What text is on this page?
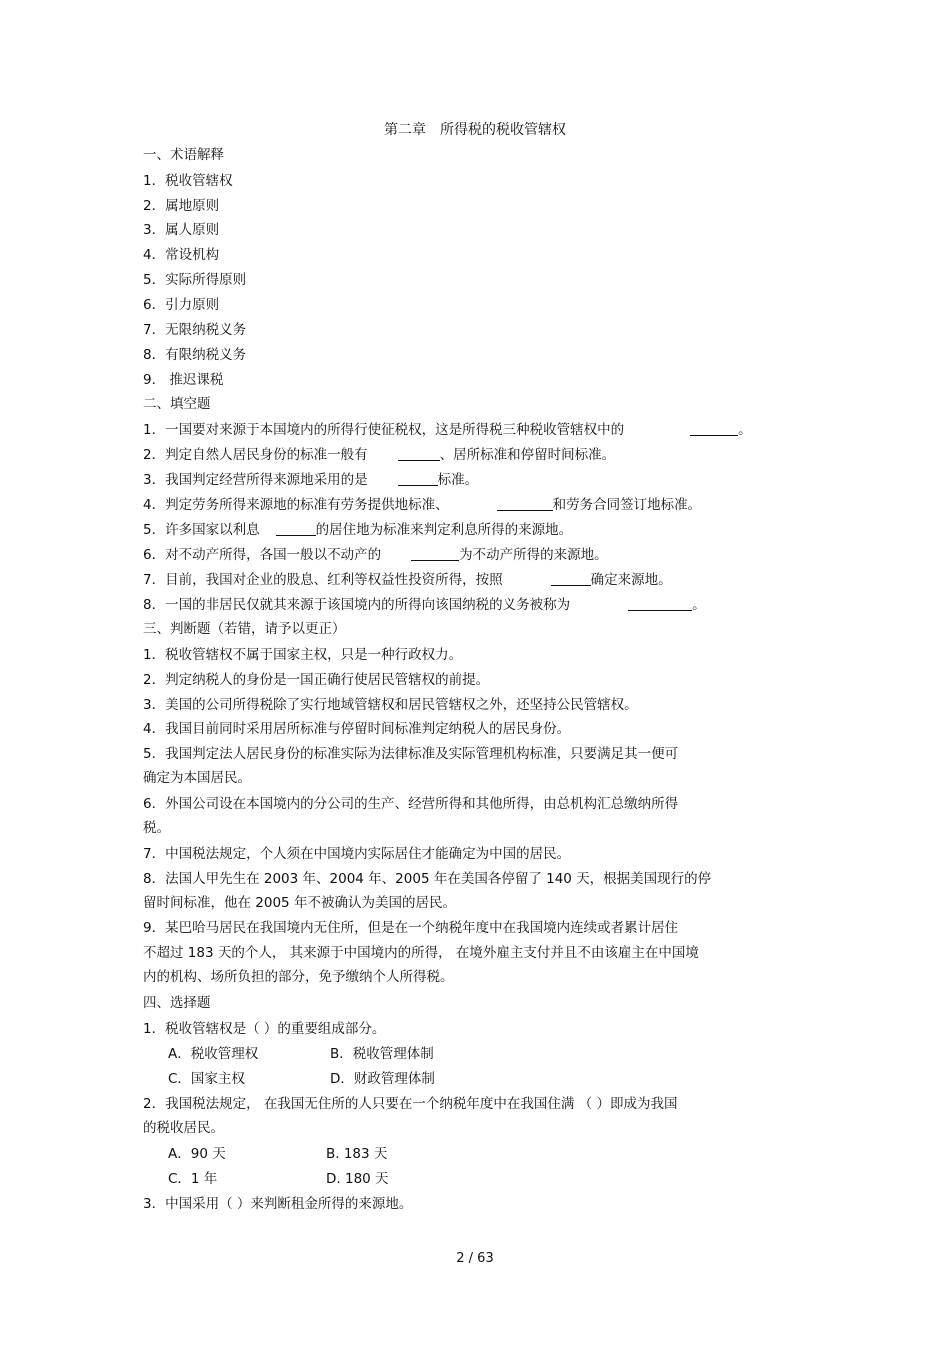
第二章　所得税的税收管辖权
一、术语解释
1．税收管辖权
2．属地原则
3．属人原则
4．常设机构
5．实际所得原则
6．引力原则
7．无限纳税义务
8．有限纳税义务
9． 推迟课税
二、填空题
1．一国要对来源于本国境内的所得行使征税权，这是所得税三种税收管辖权中的	。
2．判定自然人居民身份的标准一般有	、居所标准和停留时间标准。
3．我国判定经营所得来源地采用的是	标准。
4．判定劳务所得来源地的标准有劳务提供地标准、	和劳务合同签订地标准。
5．许多国家以利息	的居住地为标准来判定利息所得的来源地。
6．对不动产所得，各国一般以不动产的	为不动产所得的来源地。
7．目前，我国对企业的股息、红利等权益性投资所得，按照	确定来源地。
8．一国的非居民仅就其来源于该国境内的所得向该国纳税的义务被称为	。
三、判断题（若错，请予以更正）
1．税收管辖权不属于国家主权，只是一种行政权力。
2．判定纳税人的身份是一国正确行使居民管辖权的前提。
3．美国的公司所得税除了实行地域管辖权和居民管辖权之外，还坚持公民管辖权。
4．我国目前同时采用居所标准与停留时间标准判定纳税人的居民身份。
5．我国判定法人居民身份的标准实际为法律标准及实际管理机构标准，只要满足其一便可
确定为本国居民。
6．外国公司设在本国境内的分公司的生产、经营所得和其他所得，由总机构汇总缴纳所得
税。
7．中国税法规定，个人须在中国境内实际居住才能确定为中国的居民。
8．法国人甲先生在 2003 年、2004 年、2005 年在美国各停留了 140 天，根据美国现行的停
留时间标准，他在 2005 年不被确认为美国的居民。
9．某巴哈马居民在我国境内无住所，但是在一个纳税年度中在我国境内连续或者累计居住
不超过 183 天的个人， 其来源于中国境内的所得， 在境外雇主支付并且不由该雇主在中国境
内的机构、场所负担的部分，免予缴纳个人所得税。
四、选择题
1．税收管辖权是（ ）的重要组成部分。
A．税收管理权	B．税收管理体制
C．国家主权	D．财政管理体制
2．我国税法规定， 在我国无住所的人只要在一个纳税年度中在我国住满 （ ）即成为我国
的税收居民。
A．90 天	B. 183 天
C．1 年	D. 180 天
3．中国采用（ ）来判断租金所得的来源地。
2 / 63
